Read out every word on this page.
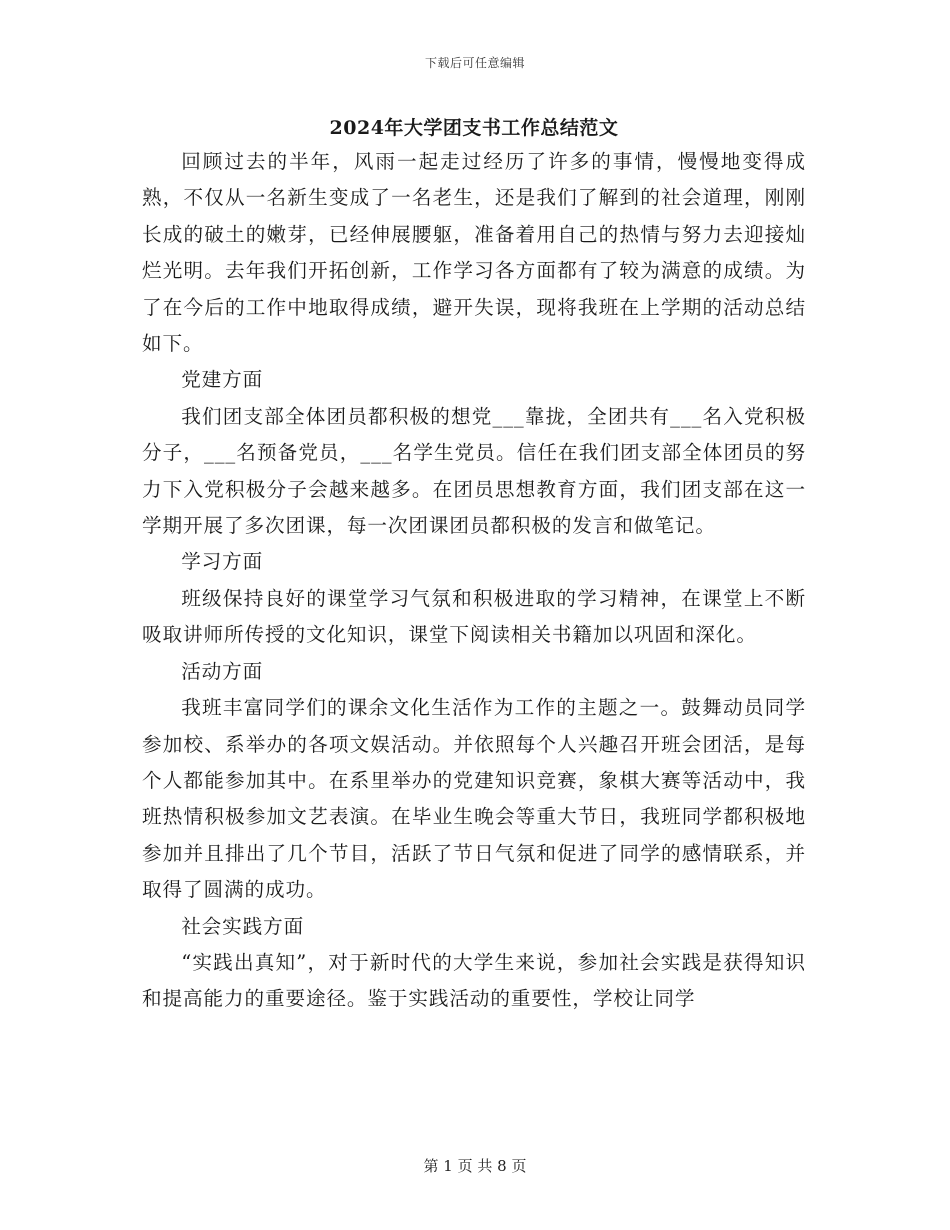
下载后可任意编辑
2024年大学团支书工作总结范文

回顾过去的半年，风雨一起走过经历了许多的事情，慢慢地变得成熟，不仅从一名新生变成了一名老生，还是我们了解到的社会道理，刚刚长成的破土的嫩芽，已经伸展腰躯，准备着用自己的热情与努力去迎接灿烂光明。去年我们开拓创新，工作学习各方面都有了较为满意的成绩。为了在今后的工作中地取得成绩，避开失误，现将我班在上学期的活动总结如下。

党建方面

我们团支部全体团员都积极的想党___靠拢，全团共有___名入党积极分子，___名预备党员，___名学生党员。信任在我们团支部全体团员的努力下入党积极分子会越来越多。在团员思想教育方面，我们团支部在这一学期开展了多次团课，每一次团课团员都积极的发言和做笔记。

学习方面

班级保持良好的课堂学习气氛和积极进取的学习精神，在课堂上不断吸取讲师所传授的文化知识，课堂下阅读相关书籍加以巩固和深化。

活动方面

我班丰富同学们的课余文化生活作为工作的主题之一。鼓舞动员同学参加校、系举办的各项文娱活动。并依照每个人兴趣召开班会团活，是每个人都能参加其中。在系里举办的党建知识竞赛，象棋大赛等活动中，我班热情积极参加文艺表演。在毕业生晚会等重大节日，我班同学都积极地参加并且排出了几个节目，活跃了节日气氛和促进了同学的感情联系，并取得了圆满的成功。

社会实践方面

“实践出真知”，对于新时代的大学生来说，参加社会实践是获得知识和提高能力的重要途径。鉴于实践活动的重要性，学校让同学

第 1 页 共 8 页
